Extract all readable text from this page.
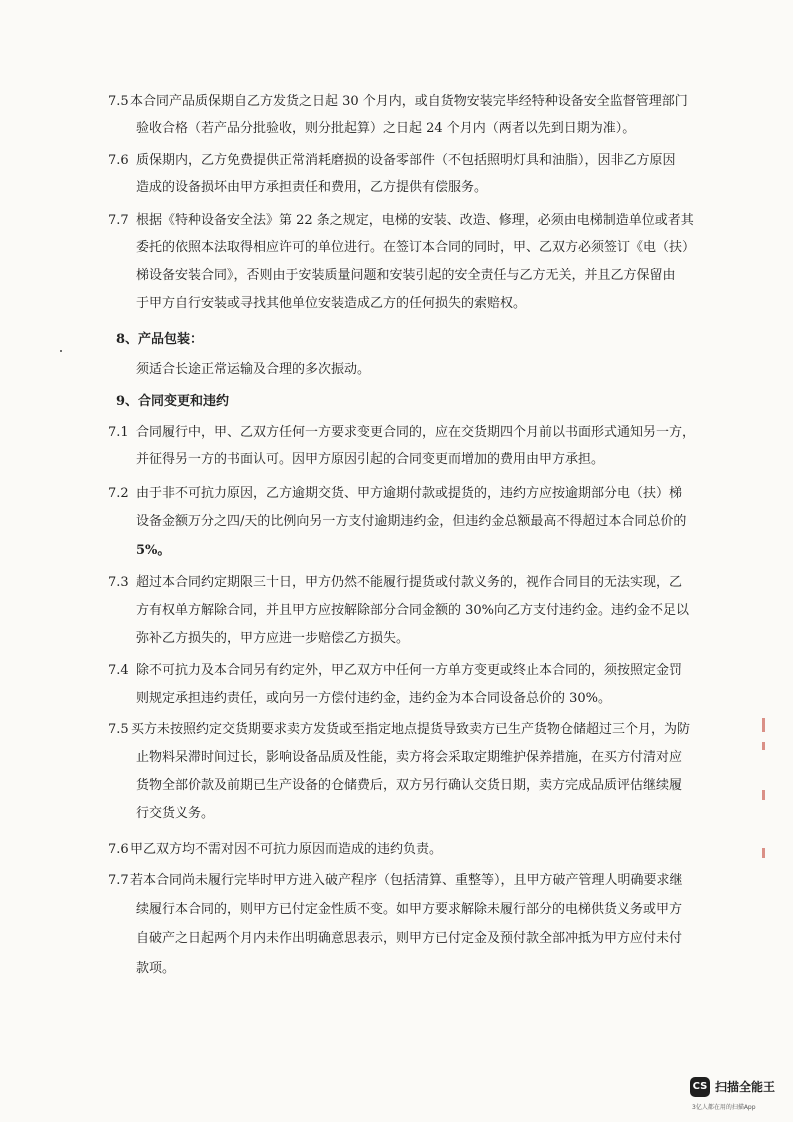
7.5 本合同产品质保期自乙方发货之日起 30 个月内，或自货物安装完毕经特种设备安全监督管理部门
验收合格（若产品分批验收，则分批起算）之日起 24 个月内（两者以先到日期为准）。
7.6 质保期内，乙方免费提供正常消耗磨损的设备零部件（不包括照明灯具和油脂），因非乙方原因
造成的设备损坏由甲方承担责任和费用，乙方提供有偿服务。
7.7 根据《特种设备安全法》第 22 条之规定，电梯的安装、改造、修理，必须由电梯制造单位或者其
委托的依照本法取得相应许可的单位进行。在签订本合同的同时，甲、乙双方必须签订《电（扶）
梯设备安装合同》，否则由于安装质量问题和安装引起的安全责任与乙方无关，并且乙方保留由
于甲方自行安装或寻找其他单位安装造成乙方的任何损失的索赔权。
8、产品包装：
须适合长途正常运输及合理的多次振动。
9、合同变更和违约
7.1 合同履行中，甲、乙双方任何一方要求变更合同的，应在交货期四个月前以书面形式通知另一方，
并征得另一方的书面认可。因甲方原因引起的合同变更而增加的费用由甲方承担。
7.2 由于非不可抗力原因，乙方逾期交货、甲方逾期付款或提货的，违约方应按逾期部分电（扶）梯
设备金额万分之四/天的比例向另一方支付逾期违约金，但违约金总额最高不得超过本合同总价的
5%。
7.3 超过本合同约定期限三十日，甲方仍然不能履行提货或付款义务的，视作合同目的无法实现，乙
方有权单方解除合同，并且甲方应按解除部分合同金额的 30%向乙方支付违约金。违约金不足以
弥补乙方损失的，甲方应进一步赔偿乙方损失。
7.4 除不可抗力及本合同另有约定外，甲乙双方中任何一方单方变更或终止本合同的，须按照定金罚
则规定承担违约责任，或向另一方偿付违约金，违约金为本合同设备总价的 30%。
7.5 买方未按照约定交货期要求卖方发货或至指定地点提货导致卖方已生产货物仓储超过三个月，为防
止物料呆滞时间过长，影响设备品质及性能，卖方将会采取定期维护保养措施，在买方付清对应
货物全部价款及前期已生产设备的仓储费后，双方另行确认交货日期，卖方完成品质评估继续履
行交货义务。
7.6 甲乙双方均不需对因不可抗力原因而造成的违约负责。
7.7 若本合同尚未履行完毕时甲方进入破产程序（包括清算、重整等），且甲方破产管理人明确要求继
续履行本合同的，则甲方已付定金性质不变。如甲方要求解除未履行部分的电梯供货义务或甲方
自破产之日起两个月内未作出明确意思表示，则甲方已付定金及预付款全部冲抵为甲方应付未付
款项。
CS 扫描全能王
3亿人都在用的扫描App
